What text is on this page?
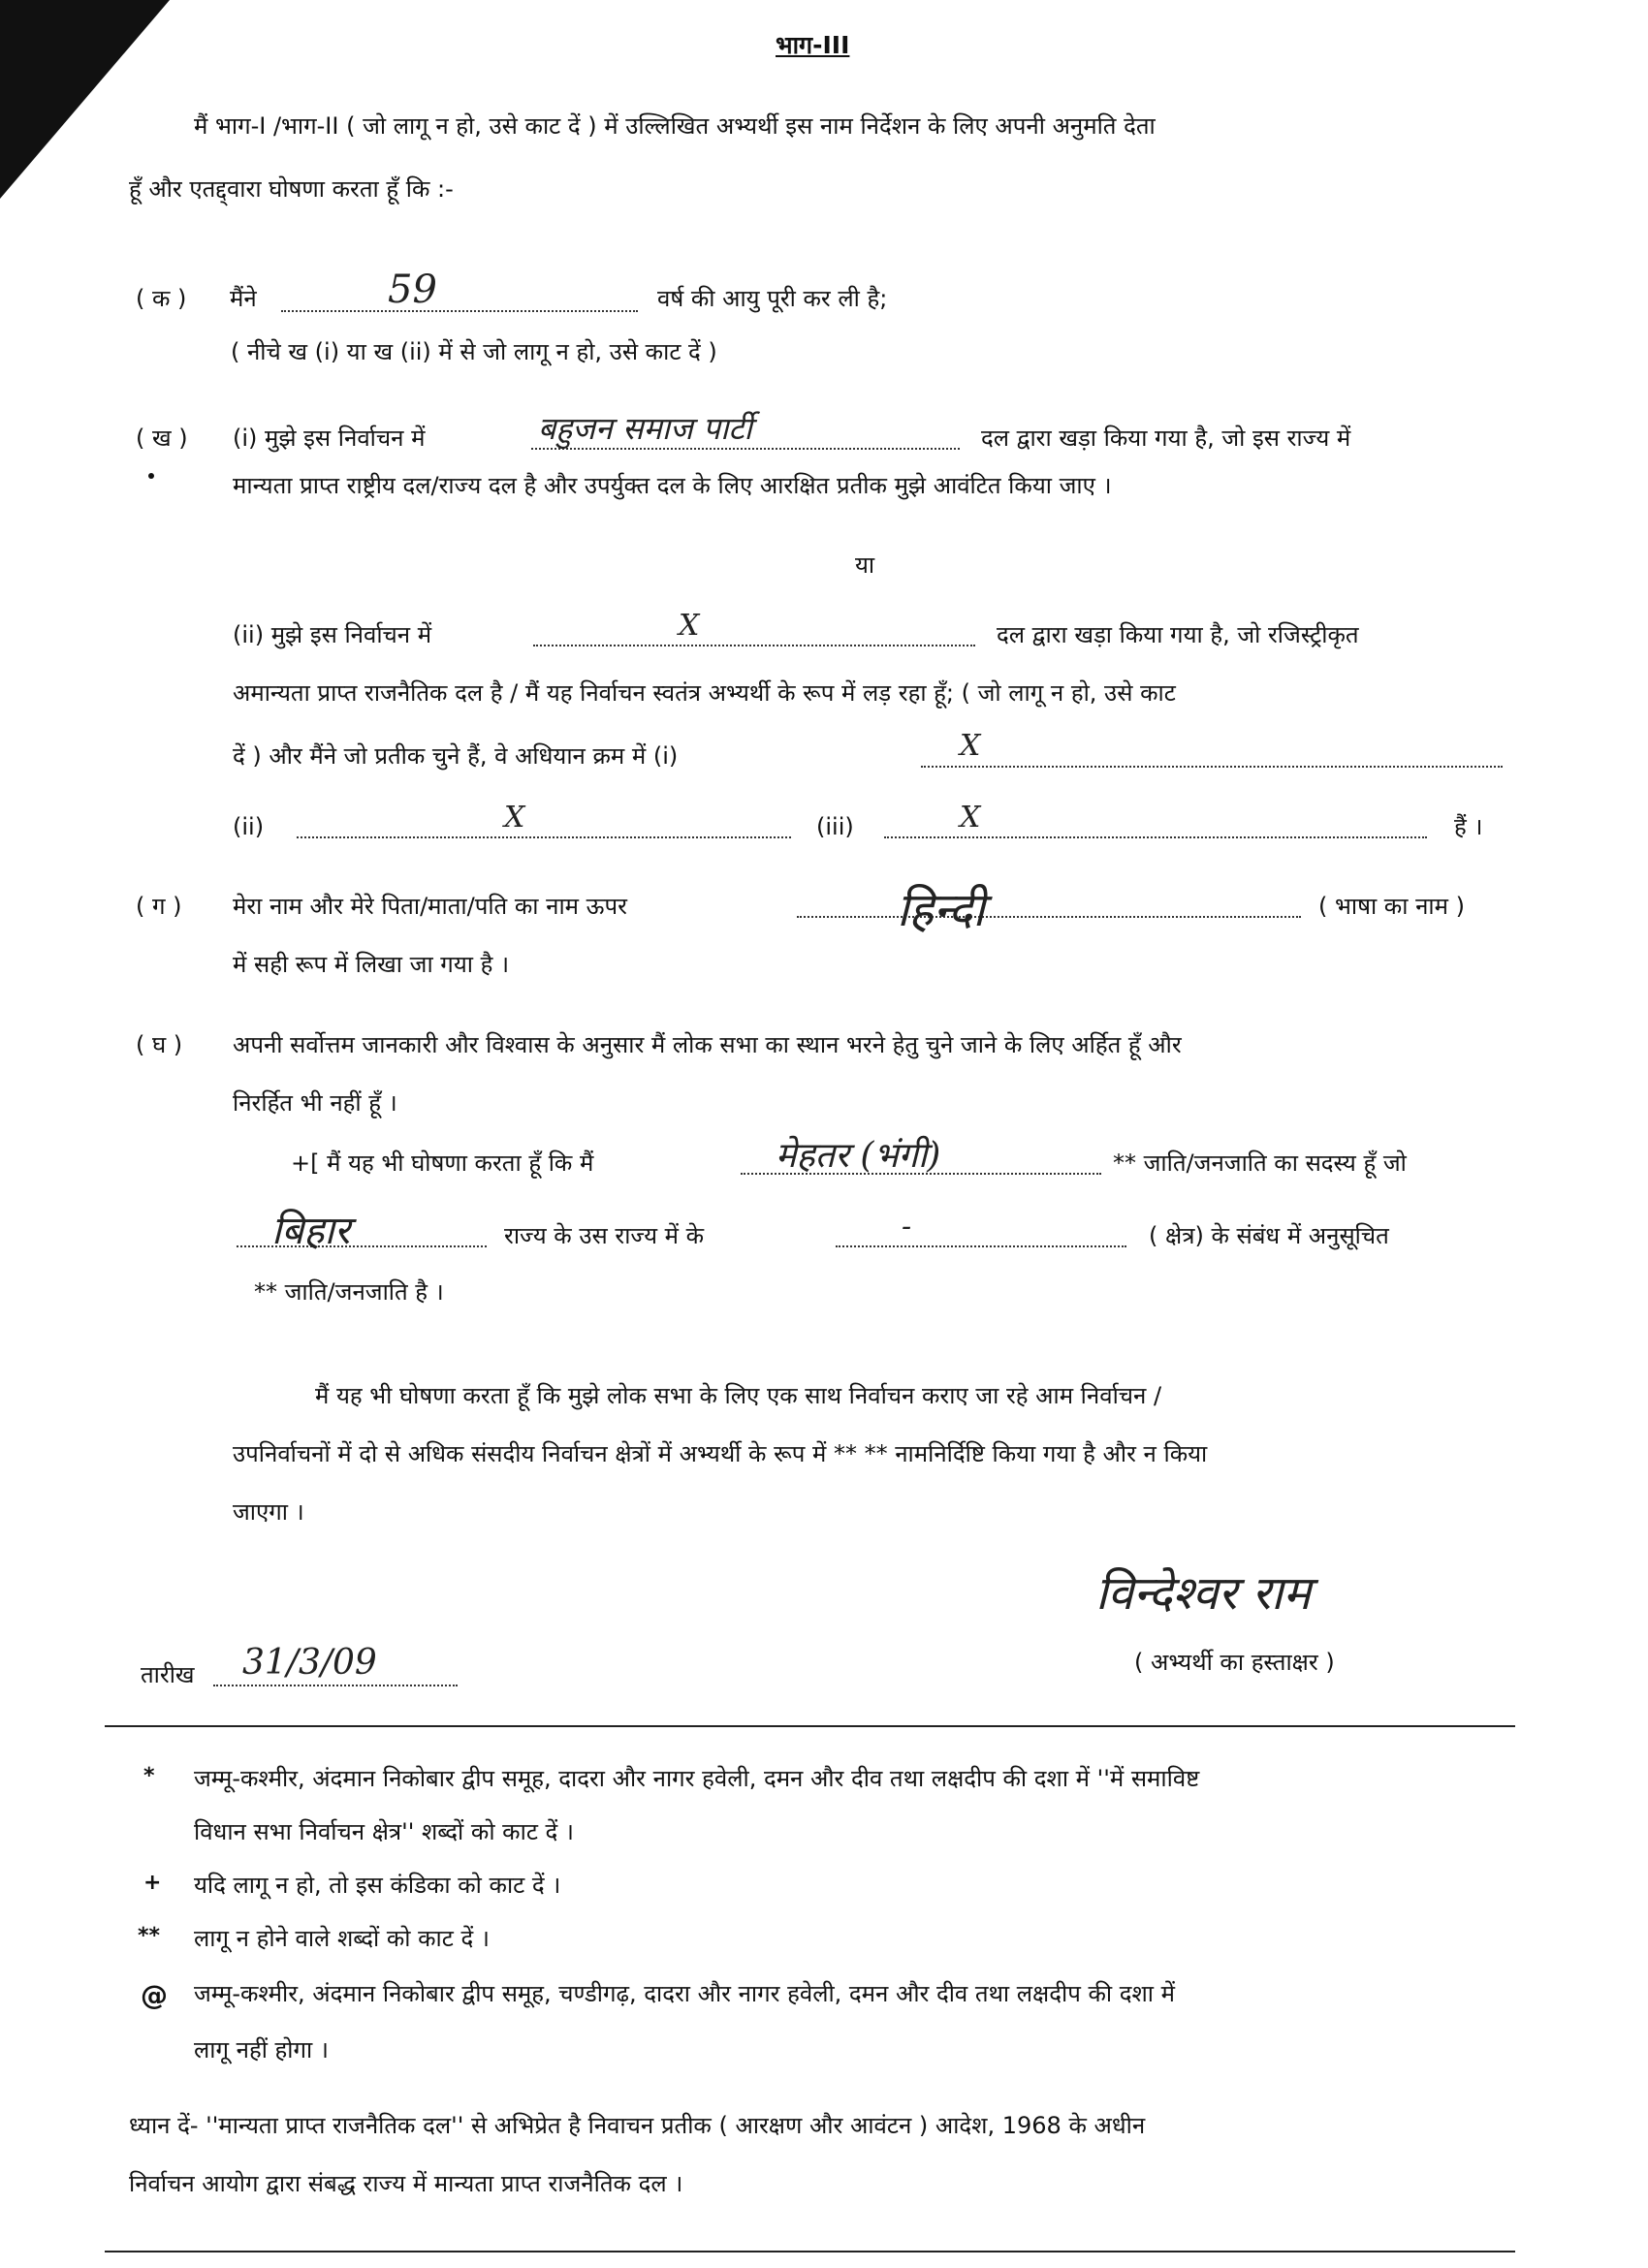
भाग-III
मैं भाग-I /भाग-II ( जो लागू न हो, उसे काट दें ) में उल्लिखित अभ्यर्थी इस नाम निर्देशन के लिए अपनी अनुमति देता
हूँ और एतद्द्वारा घोषणा करता हूँ कि :-
( क ) मैंने	59	वर्ष की आयु पूरी कर ली है;
( नीचे ख (i) या ख (ii) में से जो लागू न हो, उसे काट दें )
( ख ) (i) मुझे इस निर्वाचन में	बहुजन समाज पार्टी	दल द्वारा खड़ा किया गया है, जो इस राज्य में
मान्यता प्राप्त राष्ट्रीय दल/राज्य दल है और उपर्युक्त दल के लिए आरक्षित प्रतीक मुझे आवंटित किया जाए ।
या
(ii) मुझे इस निर्वाचन में	X	दल द्वारा खड़ा किया गया है, जो रजिस्ट्रीकृत
अमान्यता प्राप्त राजनैतिक दल है / मैं यह निर्वाचन स्वतंत्र अभ्यर्थी के रूप में लड़ रहा हूँ; ( जो लागू न हो, उसे काट
दें ) और मैंने जो प्रतीक चुने हैं, वे अधियान क्रम में (i)	X
(ii)	X	(iii)	X	हैं ।
( ग ) मेरा नाम और मेरे पिता/माता/पति का नाम ऊपर	हिन्दी	( भाषा का नाम )
में सही रूप में लिखा जा गया है ।
( घ ) अपनी सर्वोत्तम जानकारी और विश्वास के अनुसार मैं लोक सभा का स्थान भरने हेतु चुने जाने के लिए अर्हित हूँ और
निरर्हित भी नहीं हूँ ।
+[ मैं यह भी घोषणा करता हूँ कि मैं	मेहतर (भंगी)	** जाति/जनजाति का सदस्य हूँ जो
बिहार	राज्य के उस राज्य में के	-	( क्षेत्र) के संबंध में अनुसूचित
** जाति/जनजाति है ।
मैं यह भी घोषणा करता हूँ कि मुझे लोक सभा के लिए एक साथ निर्वाचन कराए जा रहे आम निर्वाचन /
उपनिर्वाचनों में दो से अधिक संसदीय निर्वाचन क्षेत्रों में अभ्यर्थी के रूप में ** ** नामनिर्दिष्टि किया गया है और न किया
जाएगा ।
विन्देश्वर राम
( अभ्यर्थी का हस्ताक्षर )
तारीख 31/3/09
* जम्मू-कश्मीर, अंदमान निकोबार द्वीप समूह, दादरा और नागर हवेली, दमन और दीव तथा लक्षदीप की दशा में ''में समाविष्ट
विधान सभा निर्वाचन क्षेत्र'' शब्दों को काट दें ।
+ यदि लागू न हो, तो इस कंडिका को काट दें ।
** लागू न होने वाले शब्दों को काट दें ।
@ जम्मू-कश्मीर, अंदमान निकोबार द्वीप समूह, चण्डीगढ़, दादरा और नागर हवेली, दमन और दीव तथा लक्षदीप की दशा में
लागू नहीं होगा ।
ध्यान दें- ''मान्यता प्राप्त राजनैतिक दल'' से अभिप्रेत है निवाचन प्रतीक ( आरक्षण और आवंटन ) आदेश, 1968 के अधीन
निर्वाचन आयोग द्वारा संबद्ध राज्य में मान्यता प्राप्त राजनैतिक दल ।
